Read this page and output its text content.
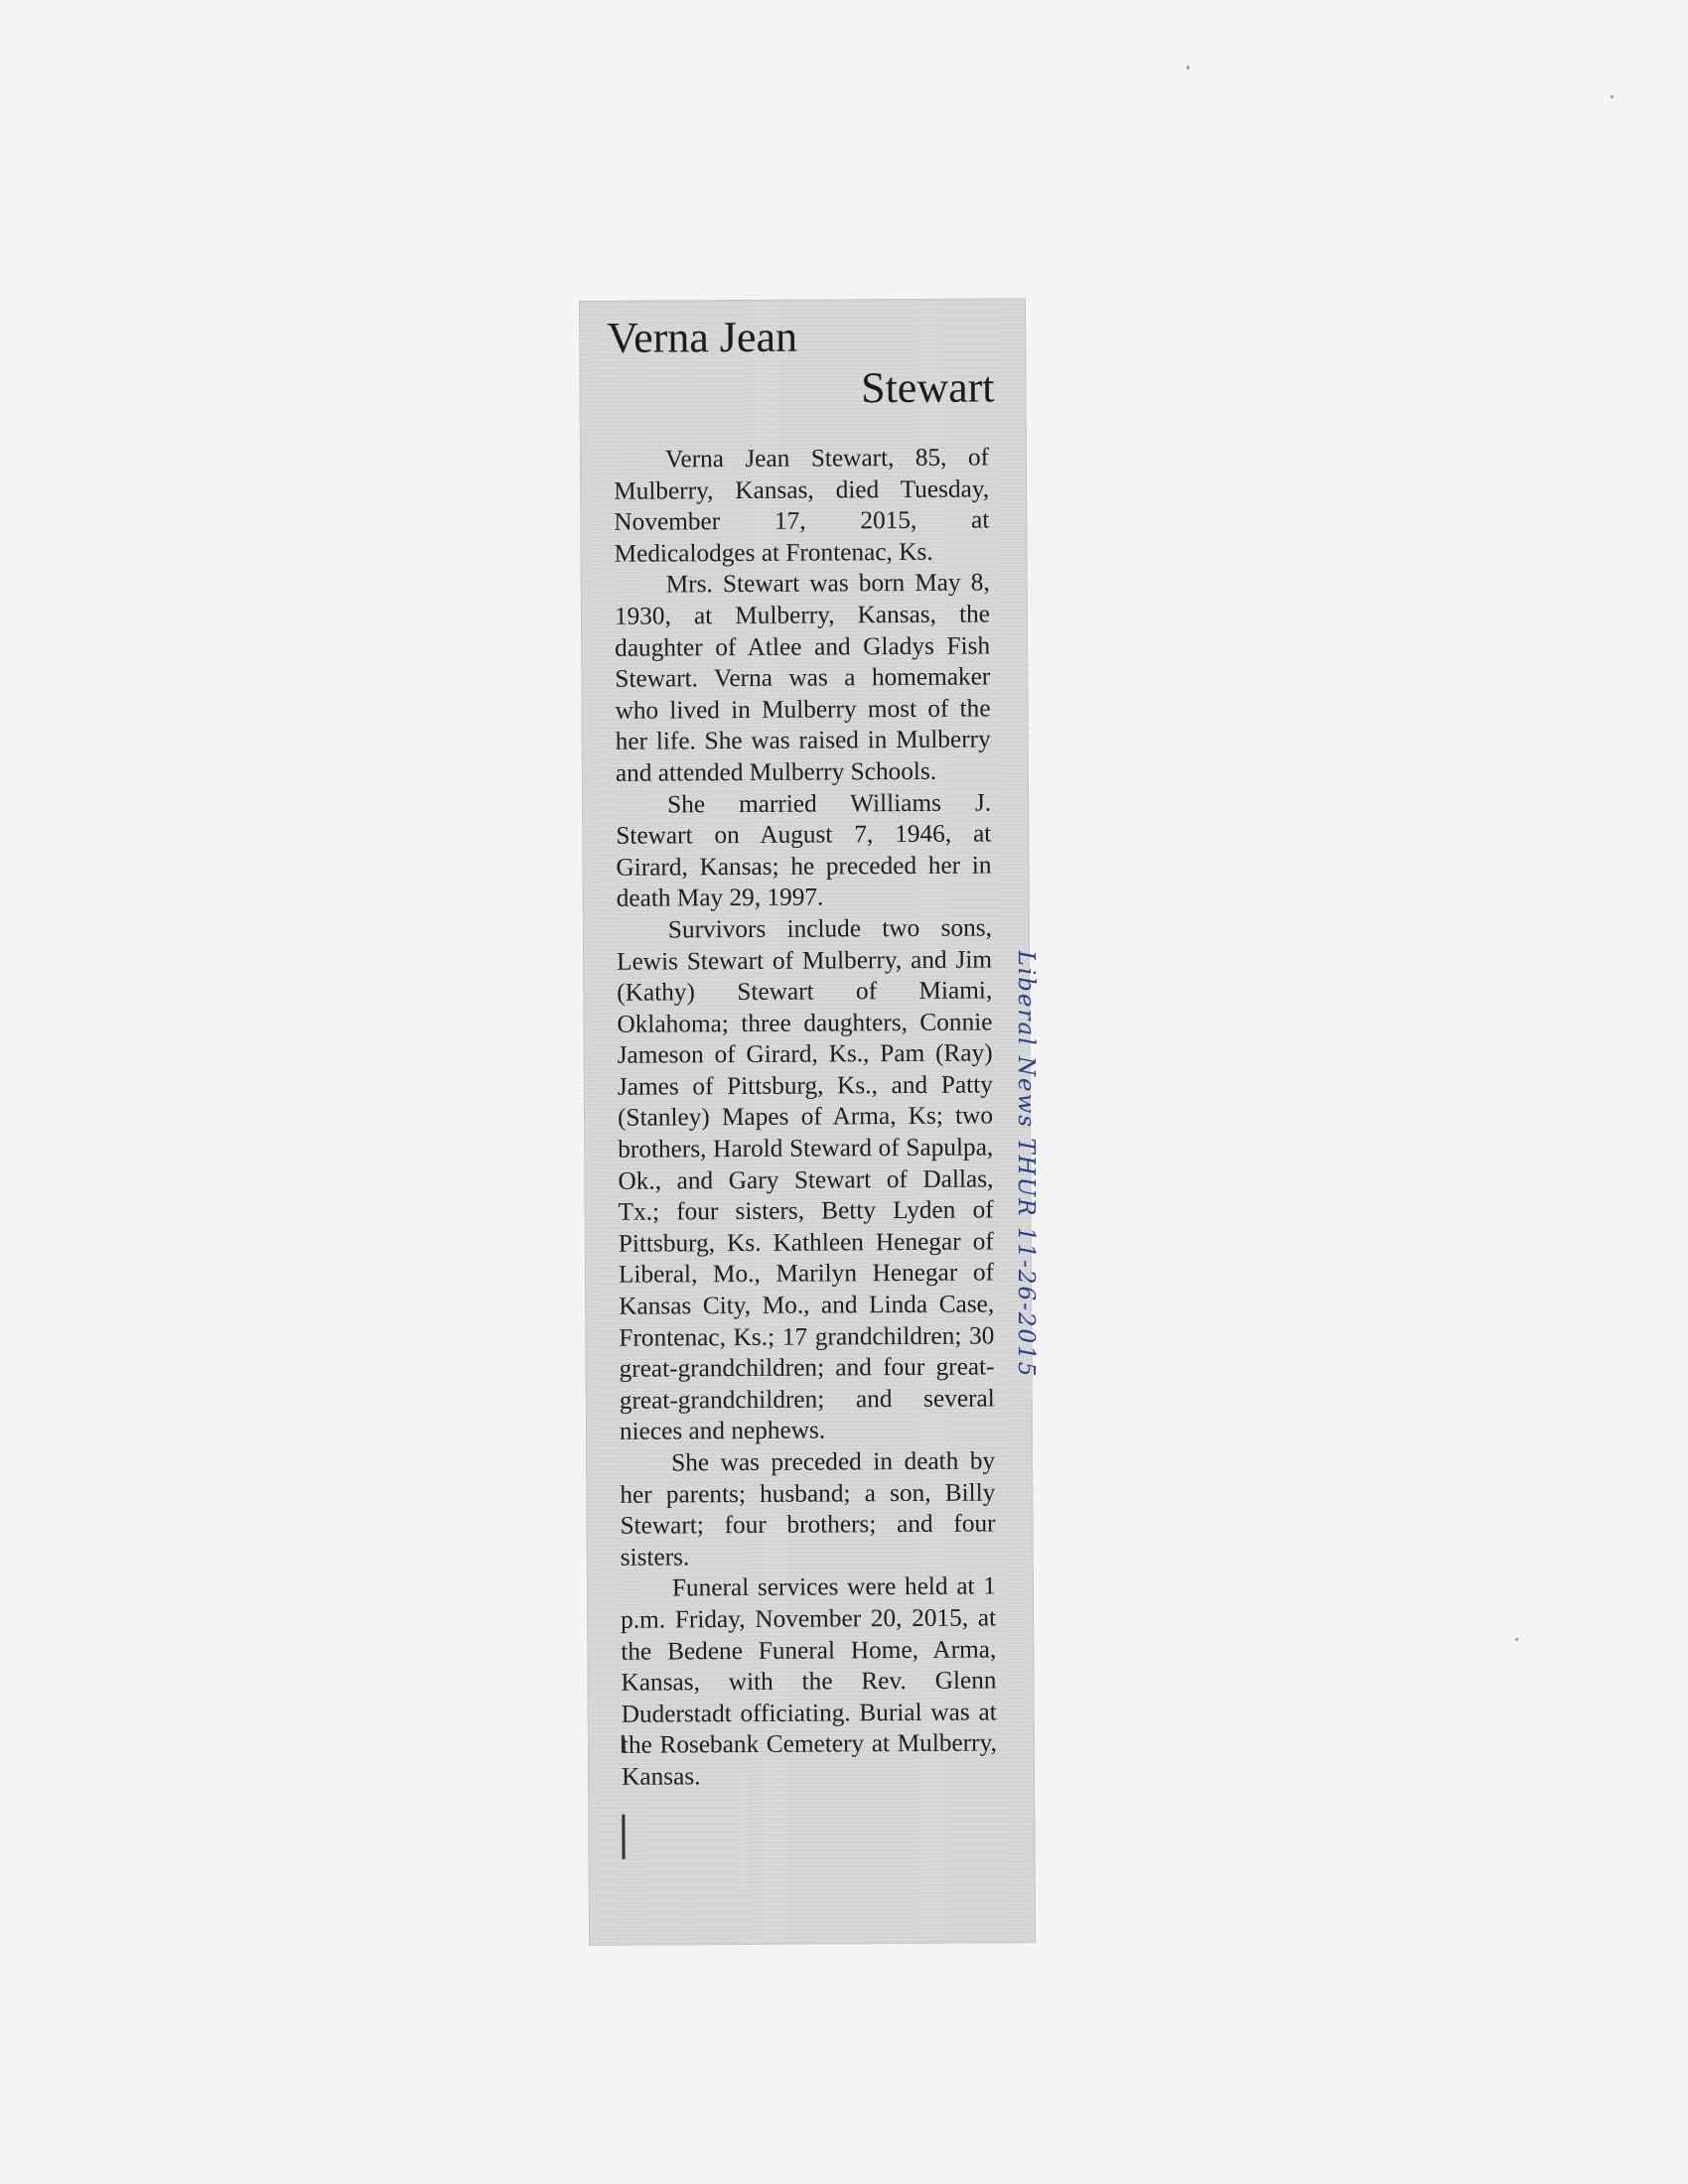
Verna Jean
Stewart

Verna Jean Stewart, 85, of Mulberry, Kansas, died Tuesday, November 17, 2015, at Medicalodges at Frontenac, Ks.

Mrs. Stewart was born May 8, 1930, at Mulberry, Kansas, the daughter of Atlee and Gladys Fish Stewart. Verna was a homemaker who lived in Mulberry most of the her life. She was raised in Mulberry and attended Mulberry Schools.

She married Williams J. Stewart on August 7, 1946, at Girard, Kansas; he preceded her in death May 29, 1997.

Survivors include two sons, Lewis Stewart of Mulberry, and Jim (Kathy) Stewart of Miami, Oklahoma; three daughters, Connie Jameson of Girard, Ks., Pam (Ray) James of Pittsburg, Ks., and Patty (Stanley) Mapes of Arma, Ks; two brothers, Harold Steward of Sapulpa, Ok., and Gary Stewart of Dallas, Tx.; four sisters, Betty Lyden of Pittsburg, Ks. Kathleen Henegar of Liberal, Mo., Marilyn Henegar of Kansas City, Mo., and Linda Case, Frontenac, Ks.; 17 grandchildren; 30 great-grandchildren; and four great-great-grandchildren; and several nieces and nephews.

She was preceded in death by her parents; husband; a son, Billy Stewart; four brothers; and four sisters.

Funeral services were held at 1 p.m. Friday, November 20, 2015, at the Bedene Funeral Home, Arma, Kansas, with the Rev. Glenn Duderstadt officiating. Burial was at the Rosebank Cemetery at Mulberry, Kansas.

Liberal News THUR 11-26-2015
